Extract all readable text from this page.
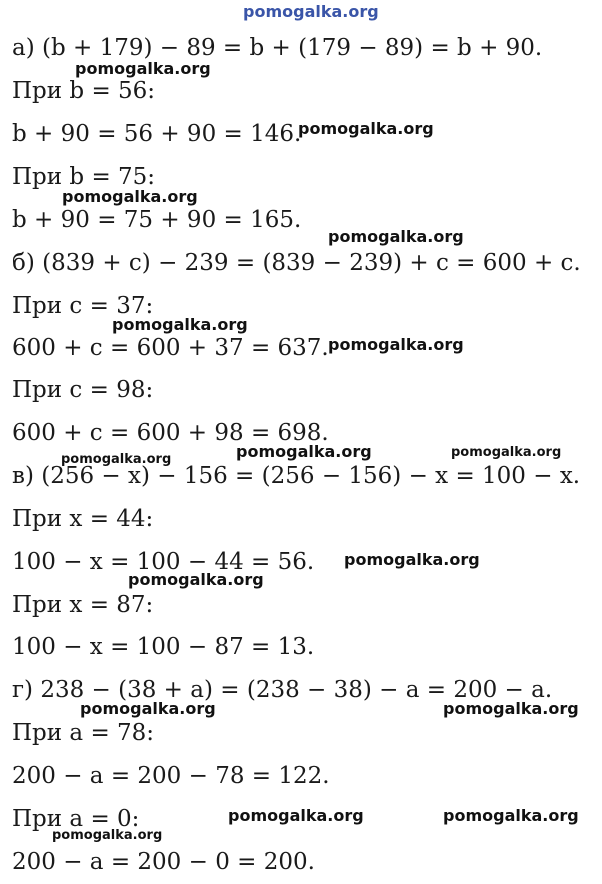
pomogalka.org

а) (b + 179) − 89 = b + (179 − 89) = b + 90.

При b = 56:

b + 90 = 56 + 90 = 146.

При b = 75:

b + 90 = 75 + 90 = 165.

б) (839 + c) − 239 = (839 − 239) + c = 600 + c.

При c = 37:

600 + c = 600 + 37 = 637.

При c = 98:

600 + c = 600 + 98 = 698.

в) (256 − x) − 156 = (256 − 156) − x = 100 − x.

При x = 44:

100 − x = 100 − 44 = 56.

При x = 87:

100 − x = 100 − 87 = 13.

г) 238 − (38 + a) = (238 − 38) − a = 200 − a.

При a = 78:

200 − a = 200 − 78 = 122.

При a = 0:

200 − a = 200 − 0 = 200.

pomogalka.org
pomogalka.org
pomogalka.org
pomogalka.org
pomogalka.org
pomogalka.org
pomogalka.org	pomogalka.org
pomogalka.org
pomogalka.org
pomogalka.org
pomogalka.org	pomogalka.org
pomogalka.org	pomogalka.org
pomogalka.org
